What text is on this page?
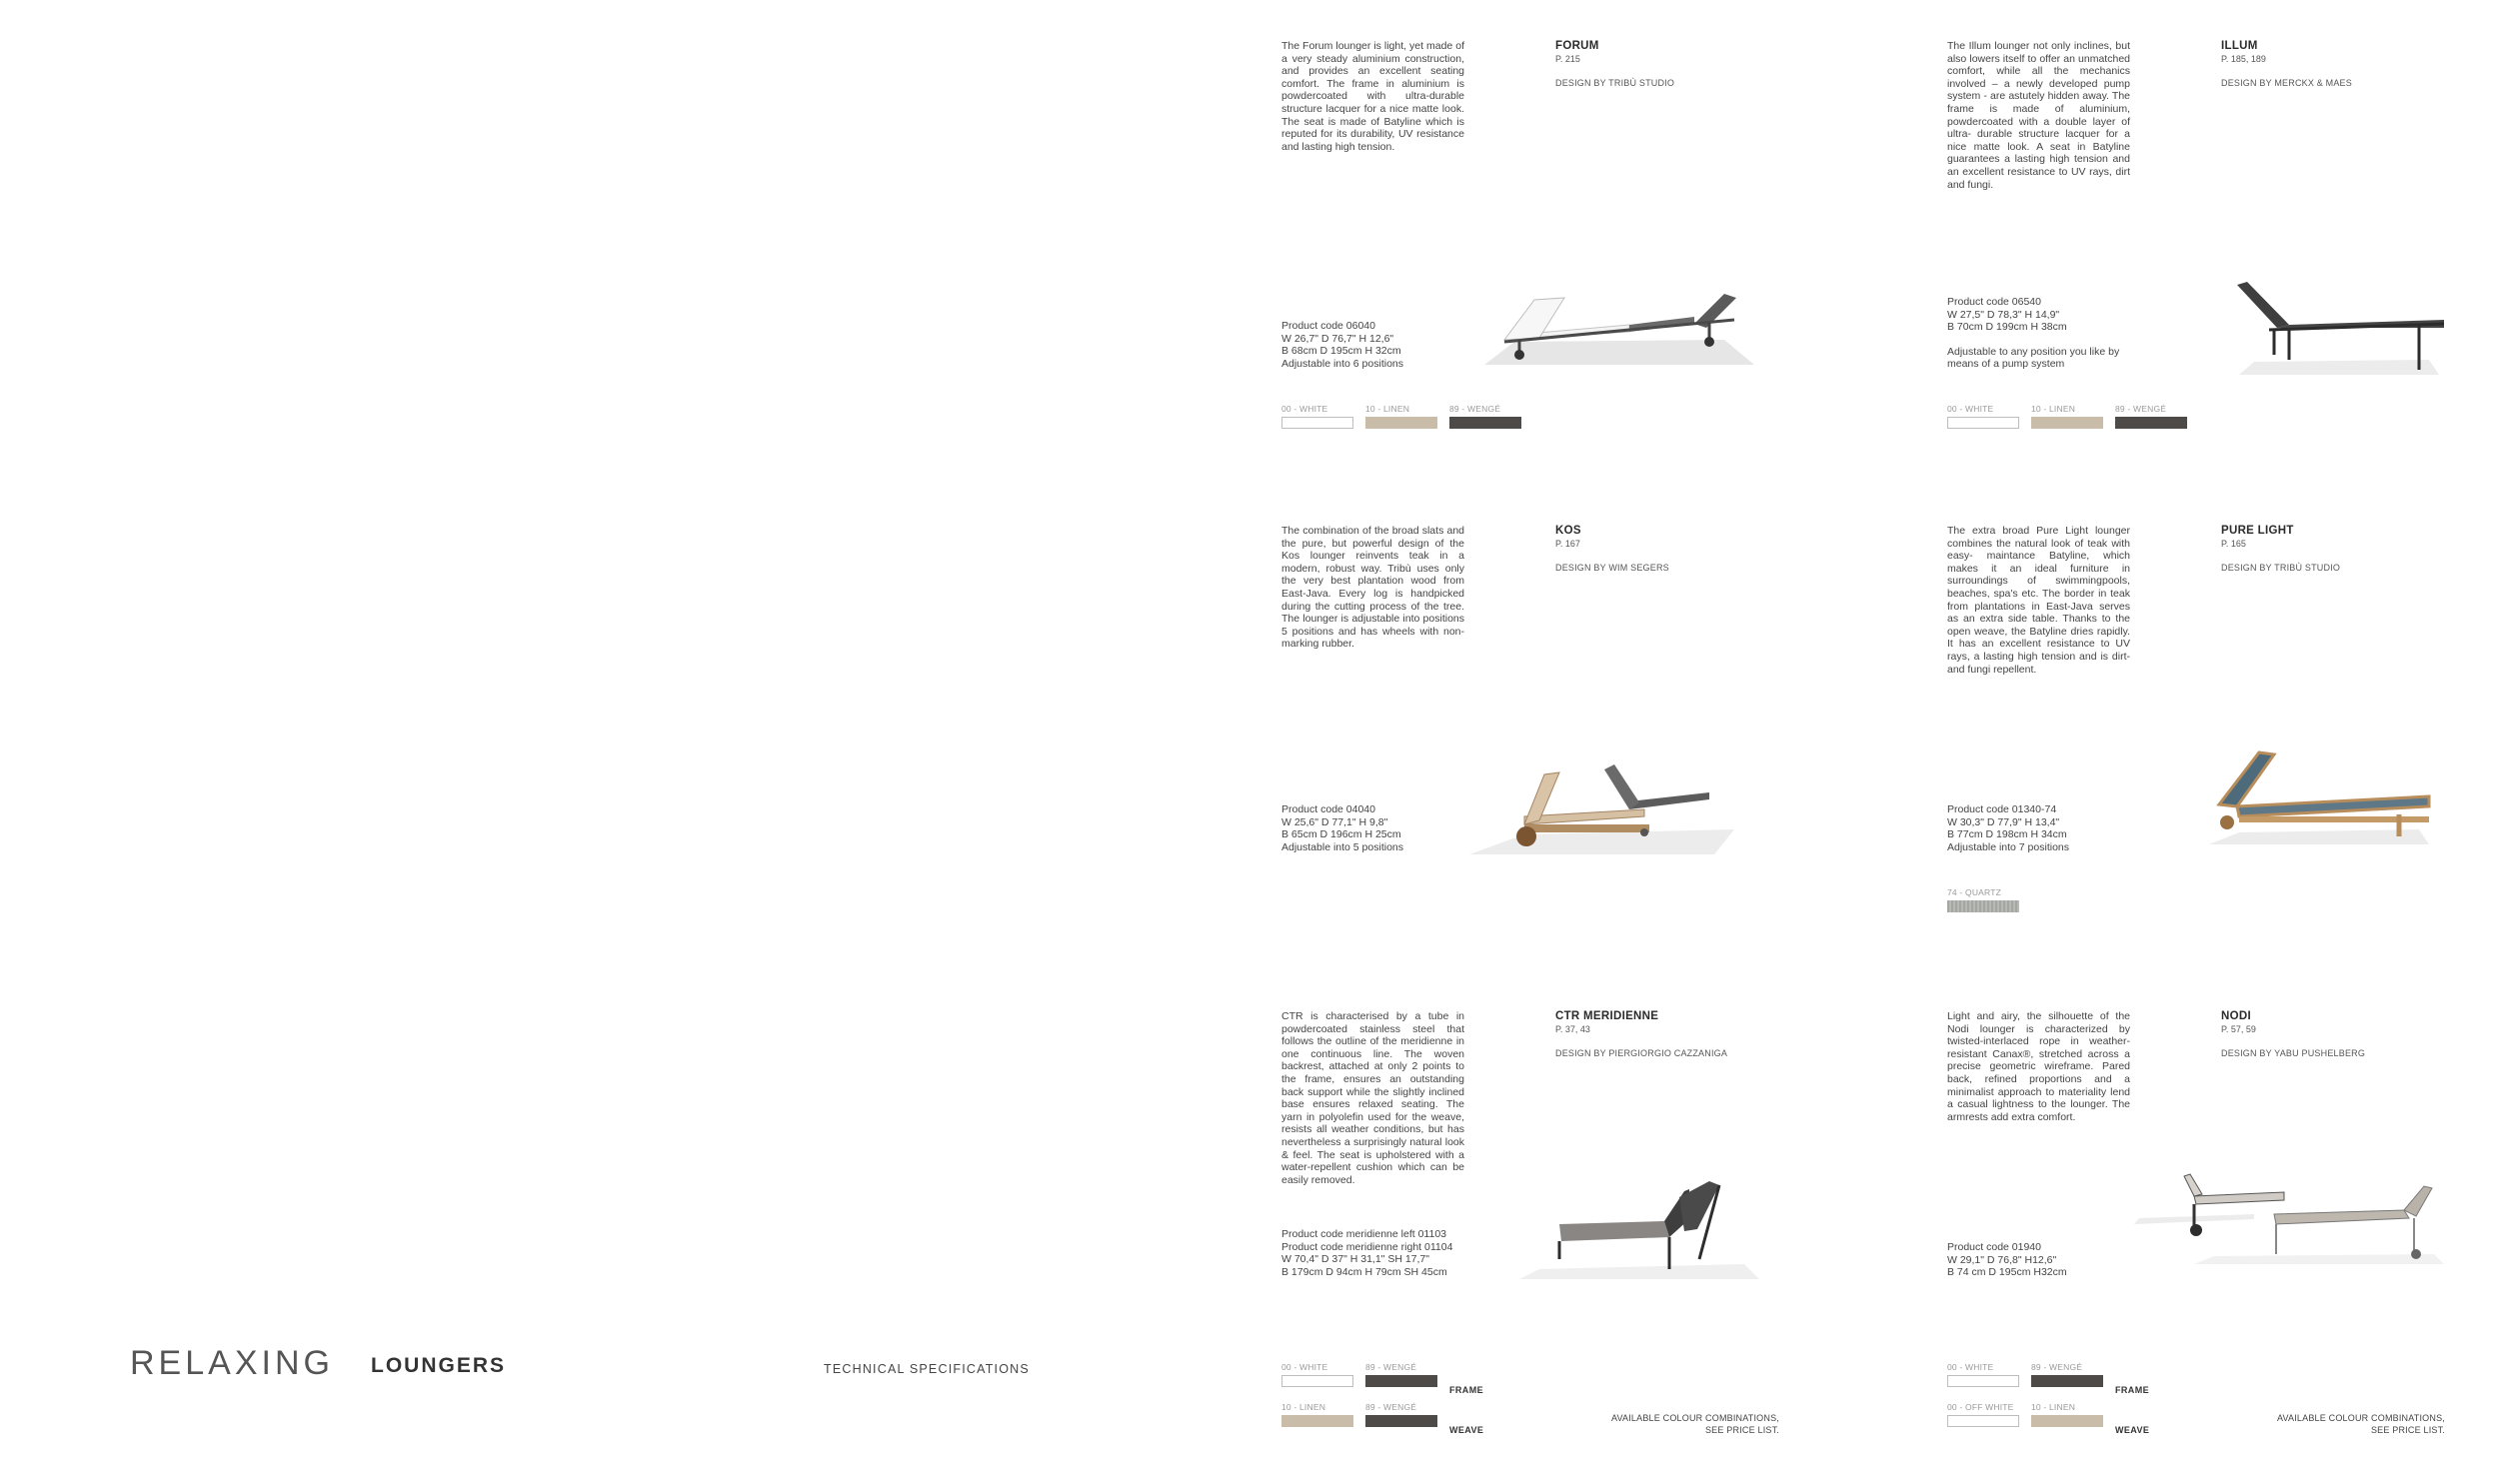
RELAXING LOUNGERS	TECHNICAL SPECIFICATIONS
The Forum lounger is light, yet made of a very steady aluminium construction, and provides an excellent seating comfort. The frame in aluminium is powdercoated with ultra-durable structure lacquer for a nice matte look. The seat is made of Batyline which is reputed for its durability, UV resistance and lasting high tension.
FORUM
P. 215
DESIGN BY TRIBÙ STUDIO
Product code 06040
W 26,7" D 76,7" H 12,6"
B 68cm D 195cm H 32cm
Adjustable into 6 positions
00 - WHITE	10 - LINEN	89 - WENGÉ
The Illum lounger not only inclines, but also lowers itself to offer an unmatched comfort, while all the mechanics involved – a newly developed pump system - are astutely hidden away. The frame is made of aluminium, powdercoated with a double layer of ultra- durable structure lacquer for a nice matte look. A seat in Batyline guarantees a lasting high tension and an excellent resistance to UV rays, dirt and fungi.
ILLUM
P. 185, 189
DESIGN BY MERCKX & MAES
Product code 06540
W 27,5" D 78,3" H 14,9"
B 70cm D 199cm H 38cm
Adjustable to any position you like by means of a pump system
00 - WHITE	10 - LINEN	89 - WENGÉ
The combination of the broad slats and the pure, but powerful design of the Kos lounger reinvents teak in a modern, robust way. Tribù uses only the very best plantation wood from East-Java. Every log is handpicked during the cutting process of the tree. The lounger is adjustable into positions 5 positions and has wheels with non-marking rubber.
KOS
P. 167
DESIGN BY WIM SEGERS
Product code 04040
W 25,6" D 77,1" H 9,8"
B 65cm D 196cm H 25cm
Adjustable into 5 positions
The extra broad Pure Light lounger combines the natural look of teak with easy- maintance Batyline, which makes it an ideal furniture in surroundings of swimmingpools, beaches, spa's etc. The border in teak from plantations in East-Java serves as an extra side table. Thanks to the open weave, the Batyline dries rapidly. It has an excellent resistance to UV rays, a lasting high tension and is dirt- and fungi repellent.
PURE LIGHT
P. 165
DESIGN BY TRIBÙ STUDIO
Product code 01340-74
W 30,3" D 77,9" H 13,4"
B 77cm D 198cm H 34cm
Adjustable into 7 positions
74 - QUARTZ
CTR is characterised by a tube in powdercoated stainless steel that follows the outline of the meridienne in one continuous line. The woven backrest, attached at only 2 points to the frame, ensures an outstanding back support while the slightly inclined base ensures relaxed seating. The yarn in polyolefin used for the weave, resists all weather conditions, but has nevertheless a surprisingly natural look & feel. The seat is upholstered with a water-repellent cushion which can be easily removed.
CTR MERIDIENNE
P. 37, 43
DESIGN BY PIERGIORGIO CAZZANIGA
Product code meridienne left 01103
Product code meridienne right 01104
W 70,4" D 37" H 31,1" SH 17,7"
B 179cm D 94cm H 79cm SH 45cm
00 - WHITE	89 - WENGÉ
FRAME
10 - LINEN	89 - WENGÉ
WEAVE
AVAILABLE COLOUR COMBINATIONS,
SEE PRICE LIST.
Light and airy, the silhouette of the Nodi lounger is characterized by twisted-interlaced rope in weather-resistant Canax®, stretched across a precise geometric wireframe. Pared back, refined proportions and a minimalist approach to materiality lend a casual lightness to the lounger. The armrests add extra comfort.
NODI
P. 57, 59
DESIGN BY YABU PUSHELBERG
Product code 01940
W 29,1" D 76,8" H12,6"
B 74 cm D 195cm H32cm
00 - WHITE	89 - WENGÉ
FRAME
00 - OFF WHITE	10 - LINEN
WEAVE
AVAILABLE COLOUR COMBINATIONS,
SEE PRICE LIST.
